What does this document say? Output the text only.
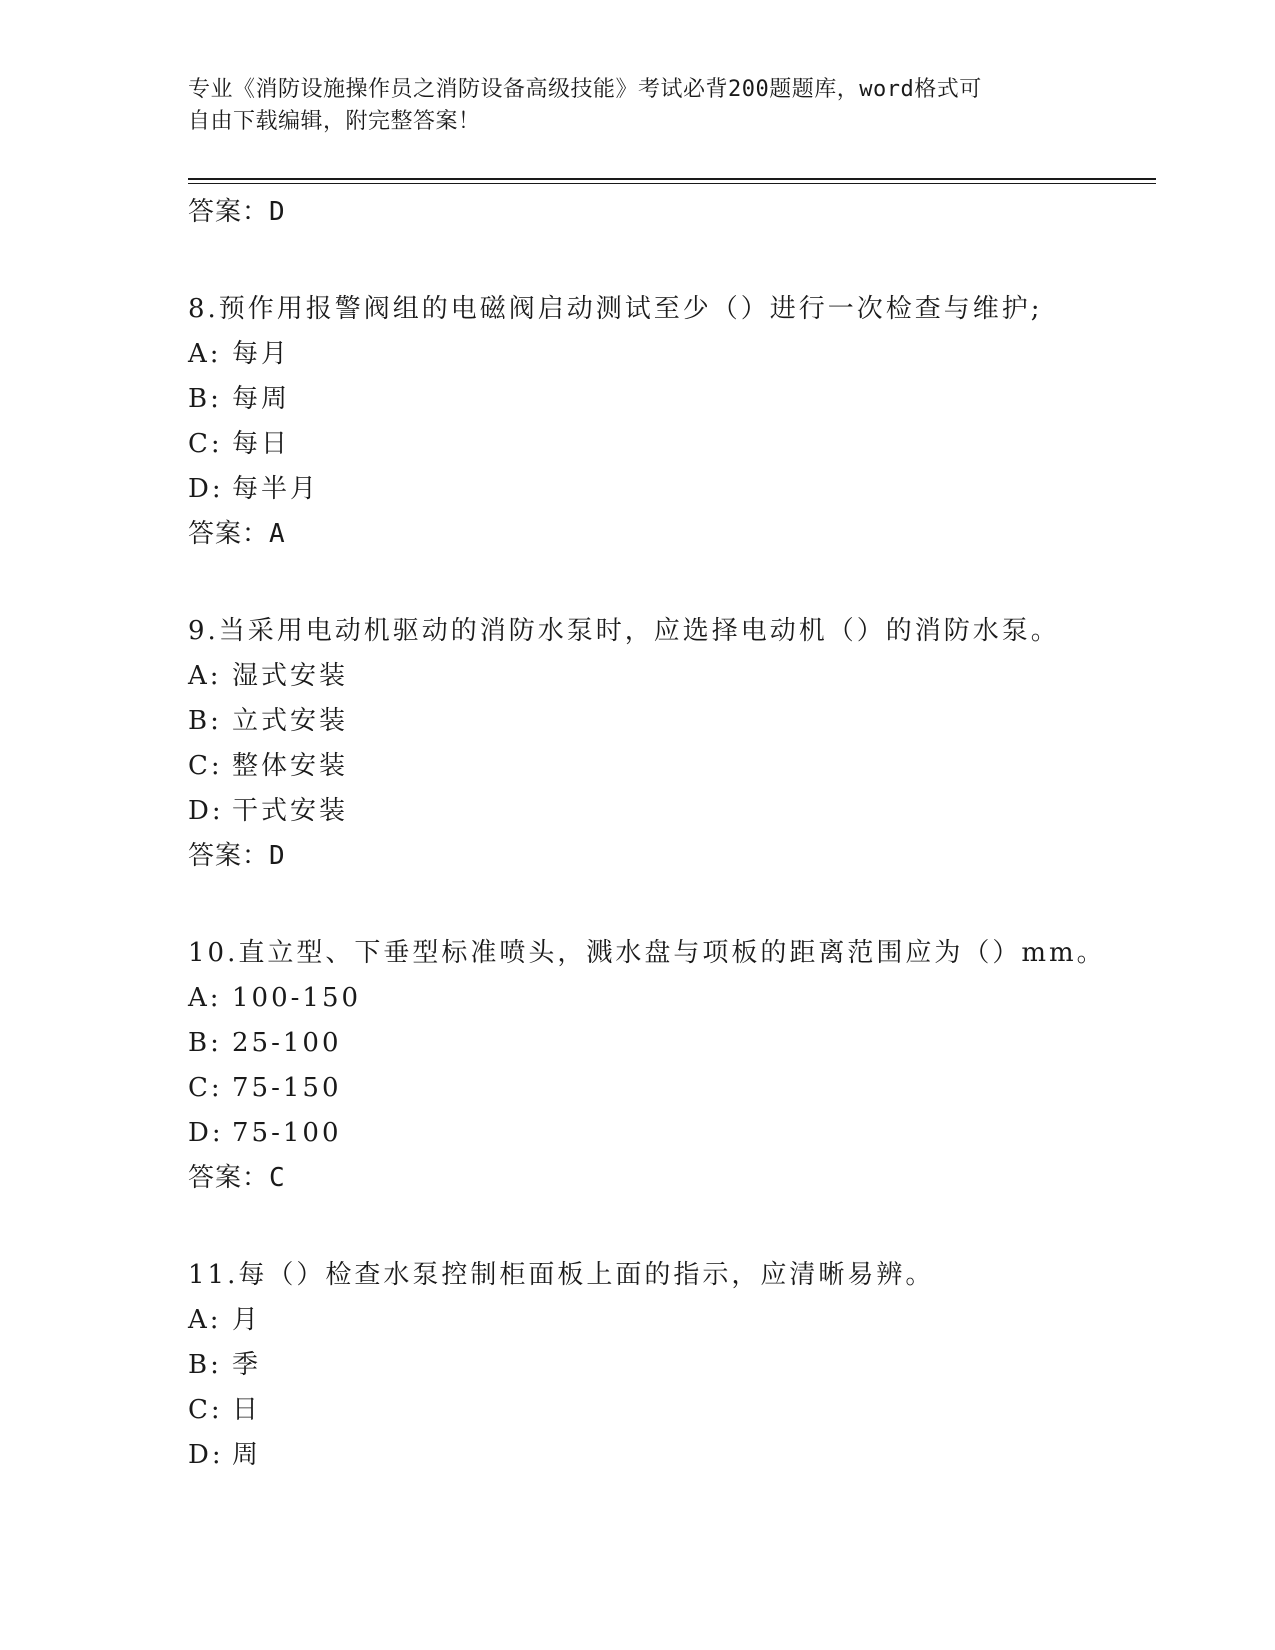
专业《消防设施操作员之消防设备高级技能》考试必背200题题库，word格式可
自由下载编辑，附完整答案！
答案：D
8.预作用报警阀组的电磁阀启动测试至少（）进行一次检查与维护;
A: 每月
B: 每周
C: 每日
D: 每半月
答案：A
9.当采用电动机驱动的消防水泵时，应选择电动机（）的消防水泵。
A: 湿式安装
B: 立式安装
C: 整体安装
D: 干式安装
答案：D
10.直立型、下垂型标准喷头，溅水盘与项板的距离范围应为（）mm。
A: 100-150
B: 25-100
C: 75-150
D: 75-100
答案：C
11.每（）检查水泵控制柜面板上面的指示，应清晰易辨。
A: 月
B: 季
C: 日
D: 周
